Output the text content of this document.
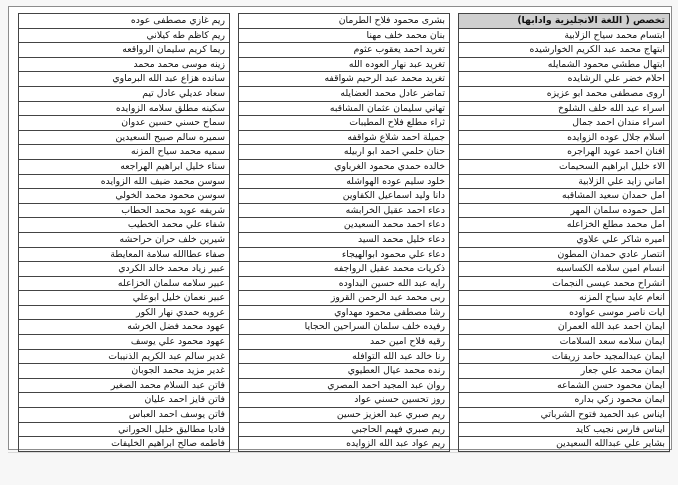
تخصص ( اللغة الانجليزية وادابها)
ابتسام محمد سياح الزلابية
ابتهاج محمد عبد الكريم الخوارشيده
ابتهال مطشي محمود الشمايله
احلام خضر علي الرشايده
اروى مصطفى محمد ابو عزيزه
اسراء عيد الله خلف الشلوخ
اسراء مندان احمد جمال
اسلام جلال عوده الزوايده
افنان احمد عويد الهراجره
الاء خليل ابراهيم السحيمات
اماني زايد علي الزلابية
امل حمدان سعيد المشاقبه
امل حموده سلمان المهر
امل محمد مطلع الخزاعله
اميره شاكر علي علاوي
انتصار عادي حمدان المطون
انسام امين سلامه الكساسبه
انشراح محمد عيسى النجمات
انعام عايد سياح المزنه
ايات ناصر موسى عواوده
ايمان احمد عبد الله العمران
ايمان سلامه سعد السلامات
ايمان عبدالمجيد حامد زريقات
ايمان محمد علي جعار
ايمان محمود حسن الشماعه
ايمان محمود زكي بداره
ايناس عبد الحميد فتوح الشرباتي
ايناس فارس نجيب كايد
بشاير علي عبدالله السعيدين
بشرى محمود فلاح الطرمان
بنان محمد خلف مهنا
تغريد احمد يعقوب عثوم
تغريد عبد نهار العوده الله
تغريد محمد عبد الرحيم شواقفه
تماضر عادل محمد العضايله
تهاني سليمان عثمان المشاقبه
ثراء مطلع فلاح المطيبات
جميلة احمد شلاع شواقفه
حنان حلمي احمد ابو اربيله
خالده حمدي محمود الغرباوي
خلود سليم عوده الهواشله
دانا وليد اسماعيل الكفاوين
دعاء احمد عقيل الخرابشه
دعاء احمد محمد السعيدين
دعاء خليل محمد السيد
دعاء علي محمود ابوالهيجاء
ذكريات محمد عقيل الرواجفه
رايه عبد الله حسين البداوده
ربى محمد عبد الرحمن القروز
رشا مصطفى محمود مهداوي
رفيده خلف سلمان السراحين الحجايا
رقيه فلاح امين حمد
رنا خالد عبد الله التوافله
رنده محمد عيال العطيوي
روان عبد المجيد احمد المصري
روز تحسين حسني عواد
ريم صبري عبد العزيز حسين
ريم صبري فهيم الحاجبي
ريم عواد عبد الله الزوايده
ريم غازي مصطفى عوده
ريم كاظم طه كيلاني
ريما كريم سليمان الرواقعه
زينه موسى محمد محمد
سانده هزاع عبد الله البرماوي
سعاد عديلي عادل تيم
سكينه مطلق سلامه الزوايده
سماح حسني حسين عدوان
سميره سالم صبيح السعيدين
سميه محمد سياح المزنه
سناء خليل ابراهيم الهراجعه
سوسن محمد ضيف الله الزوايده
سوسن محمود محمد الخولي
شريفه عويد محمد الحطاب
شفاء علي محمد الخطيب
شيرين خلف حران حراحشه
صفاء عطاالله سلامة المعايطة
عبير زياد محمد خالد الكردي
عبير سلامه سلمان الخزاعله
عبير نعمان خليل ابوعلي
عروبه حمدي نهار الكور
عهود محمد فضل الخرشه
عهود محمود علي يوسف
غدير سالم عبد الكريم الذنيبات
غدير مزيد محمد الجوبان
فاتن عبد السلام محمد الصغير
فاتن فايز احمد عليان
فاتن يوسف احمد العباس
فاديا مطاليق خليل الحوراني
فاطمه صالح ابراهيم الخليفات
